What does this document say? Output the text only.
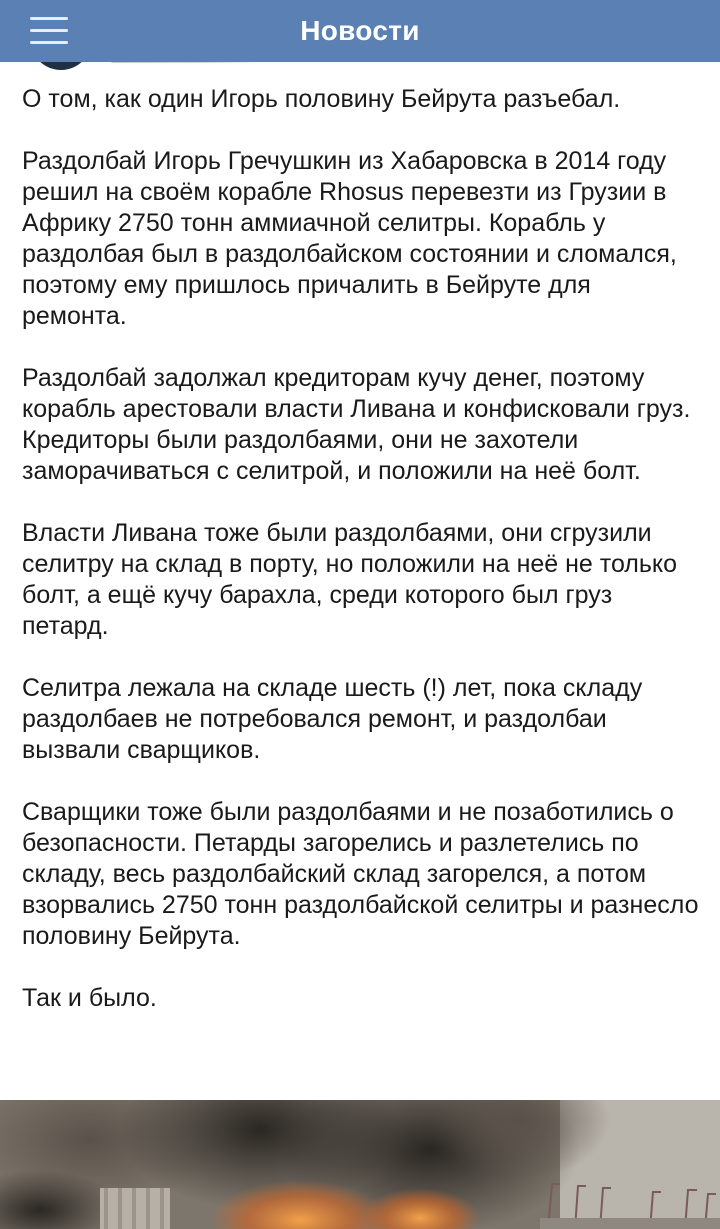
Новости

О том, как один Игорь половину Бейрута разъебал.

Раздолбай Игорь Гречушкин из Хабаровска в 2014 году решил на своём корабле Rhosus перевезти из Грузии в Африку 2750 тонн аммиачной селитры. Корабль у раздолбая был в раздолбайском состоянии и сломался, поэтому ему пришлось причалить в Бейруте для ремонта.

Раздолбай задолжал кредиторам кучу денег, поэтому корабль арестовали власти Ливана и конфисковали груз. Кредиторы были раздолбаями, они не захотели заморачиваться с селитрой, и положили на неё болт.

Власти Ливана тоже были раздолбаями, они сгрузили селитру на склад в порту, но положили на неё не только болт, а ещё кучу барахла, среди которого был груз петард.

Селитра лежала на складе шесть (!) лет, пока складу раздолбаев не потребовался ремонт, и раздолбаи вызвали сварщиков.

Сварщики тоже были раздолбаями и не позаботились о безопасности. Петарды загорелись и разлетелись по складу, весь раздолбайский склад загорелся, а потом взорвались 2750 тонн раздолбайской селитры и разнесло половину Бейрута.

Так и было.
